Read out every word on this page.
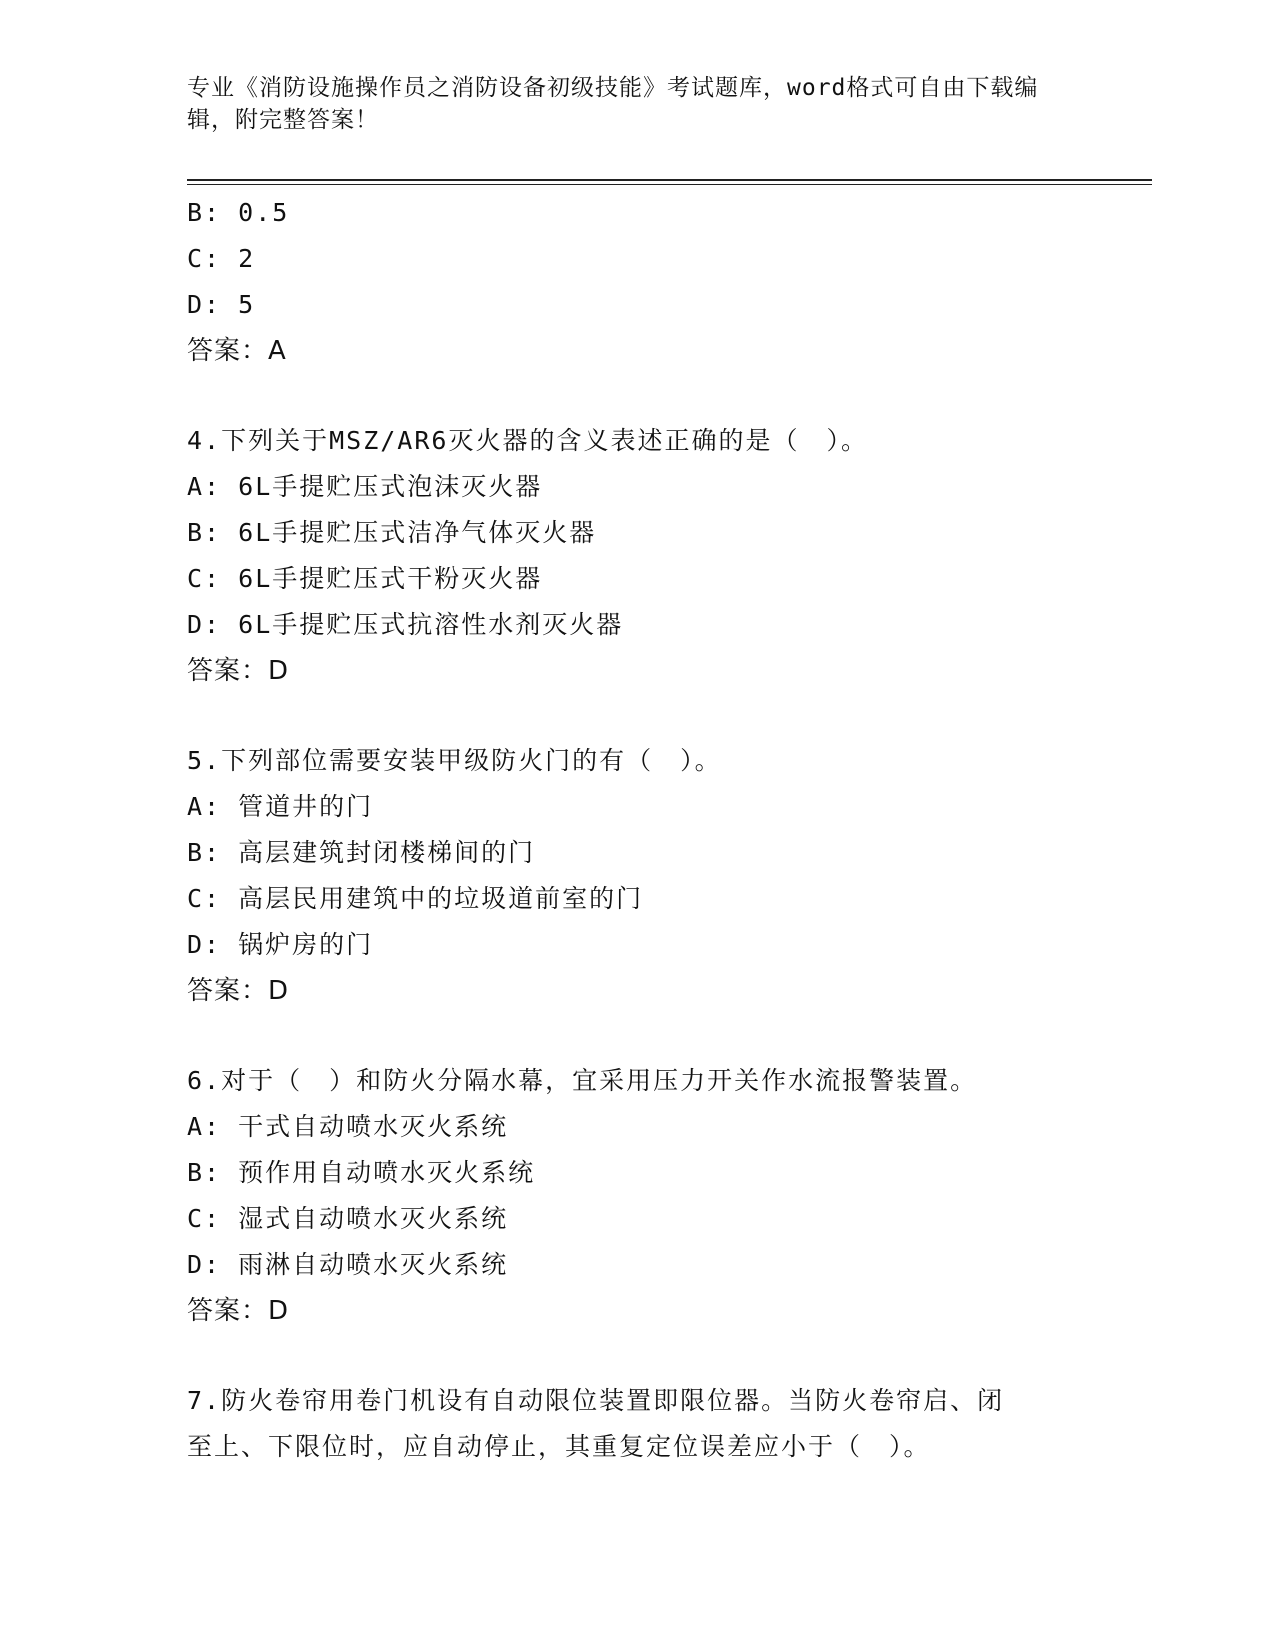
专业《消防设施操作员之消防设备初级技能》考试题库，word格式可自由下载编
辑，附完整答案！
B: 0.5
C: 2
D: 5
答案：A
4.下列关于MSZ/AR6灭火器的含义表述正确的是（　）。
A: 6L手提贮压式泡沫灭火器
B: 6L手提贮压式洁净气体灭火器
C: 6L手提贮压式干粉灭火器
D: 6L手提贮压式抗溶性水剂灭火器
答案：D
5.下列部位需要安装甲级防火门的有（　）。
A: 管道井的门
B: 高层建筑封闭楼梯间的门
C: 高层民用建筑中的垃圾道前室的门
D: 锅炉房的门
答案：D
6.对于（　）和防火分隔水幕，宜采用压力开关作水流报警装置。
A: 干式自动喷水灭火系统
B: 预作用自动喷水灭火系统
C: 湿式自动喷水灭火系统
D: 雨淋自动喷水灭火系统
答案：D
7.防火卷帘用卷门机设有自动限位装置即限位器。当防火卷帘启、闭
至上、下限位时，应自动停止，其重复定位误差应小于（　）。
